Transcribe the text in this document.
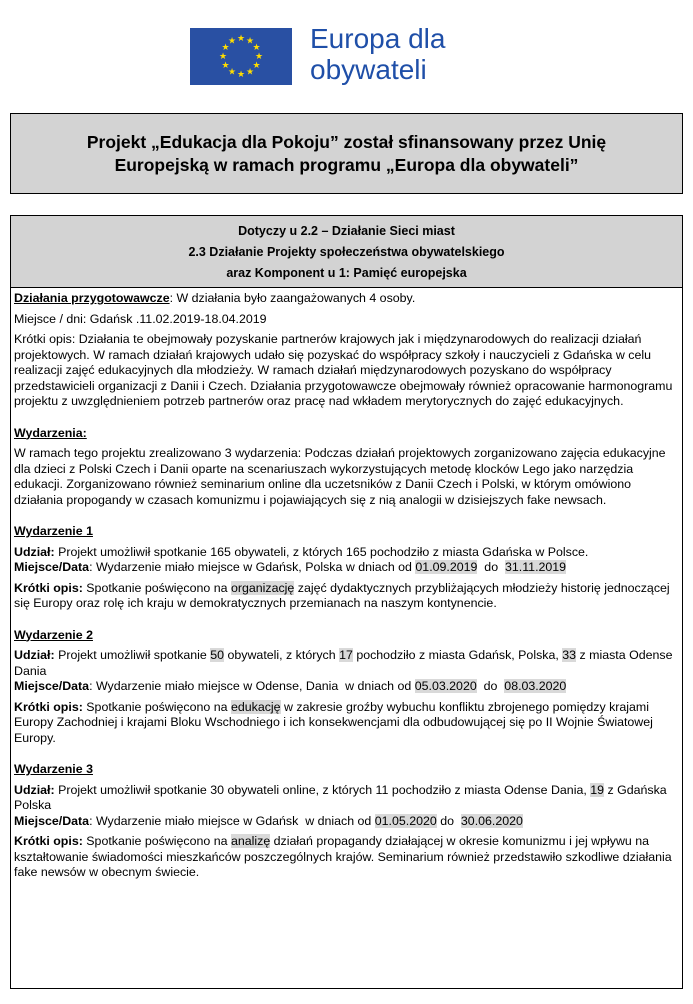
★ ★
★
★
★
★
★
★
★
★
★
★	Europa dla
obywateli
Projekt „Edukacja dla Pokoju” został sfinansowany przez Unię
Europejską w ramach programu „Europa dla obywateli”
Dotyczy u 2.2 – Działanie Sieci miast
2.3 Działanie Projekty społeczeństwa obywatelskiego
araz Komponent u 1: Pamięć europejska

Działania przygotowawcze: W działania było zaangażowanych 4 osoby.

Miejsce / dni: Gdańsk .11.02.2019-18.04.2019

Krótki opis: Działania te obejmowały pozyskanie partnerów krajowych jak i międzynarodowych do realizacji działań projektowych. W ramach działań krajowych udało się pozyskać do współpracy szkoły i nauczycieli z Gdańska w celu realizacji zajęć edukacyjnych dla młodzieży. W ramach działań międzynarodowych pozyskano do współpracy przedstawicieli organizacji z Danii i Czech. Działania przygotowawcze obejmowały również opracowanie harmonogramu projektu z uwzględnieniem potrzeb partnerów oraz pracę nad wkładem merytorycznych do zajęć edukacyjnych.

Wydarzenia:

W ramach tego projektu zrealizowano 3 wydarzenia: Podczas działań projektowych zorganizowano zajęcia edukacyjne dla dzieci z Polski Czech i Danii oparte na scenariuszach wykorzystujących metodę klocków Lego jako narzędzia edukacji. Zorganizowano również seminarium online dla uczetsników z Danii Czech i Polski, w którym omówiono działania propogandy w czasach komunizmu i pojawiających się z nią analogii w dzisiejszych fake newsach.

Wydarzenie 1

Udział: Projekt umożliwił spotkanie 165 obywateli, z których 165 pochodziło z miasta Gdańska w Polsce.

Miejsce/Data: Wydarzenie miało miejsce w Gdańsk, Polska w dniach od 01.09.2019  do  31.11.2019

Krótki opis: Spotkanie poświęcono na organizację zajęć dydaktycznych przybliżających młodzieży historię jednoczącej się Europy oraz rolę ich kraju w demokratycznych przemianach na naszym kontynencie.

Wydarzenie 2

Udział: Projekt umożliwił spotkanie 50 obywateli, z których 17 pochodziło z miasta Gdańsk, Polska, 33 z miasta Odense Dania

Miejsce/Data: Wydarzenie miało miejsce w Odense, Dania  w dniach od 05.03.2020  do  08.03.2020

Krótki opis: Spotkanie poświęcono na edukację w zakresie groźby wybuchu konfliktu zbrojenego pomiędzy krajami Europy Zachodniej i krajami Bloku Wschodniego i ich konsekwencjami dla odbudowującej się po II Wojnie Światowej Europy.

Wydarzenie 3

Udział: Projekt umożliwił spotkanie 30 obywateli online, z których 11 pochodziło z miasta Odense Dania, 19 z Gdańska Polska

Miejsce/Data: Wydarzenie miało miejsce w Gdańsk  w dniach od 01.05.2020 do  30.06.2020

Krótki opis: Spotkanie poświęcono na analizę działań propagandy działającej w okresie komunizmu i jej wpływu na kształtowanie świadomości mieszkańców poszczególnych krajów. Seminarium również przedstawiło szkodliwe działania fake newsów w obecnym świecie.
